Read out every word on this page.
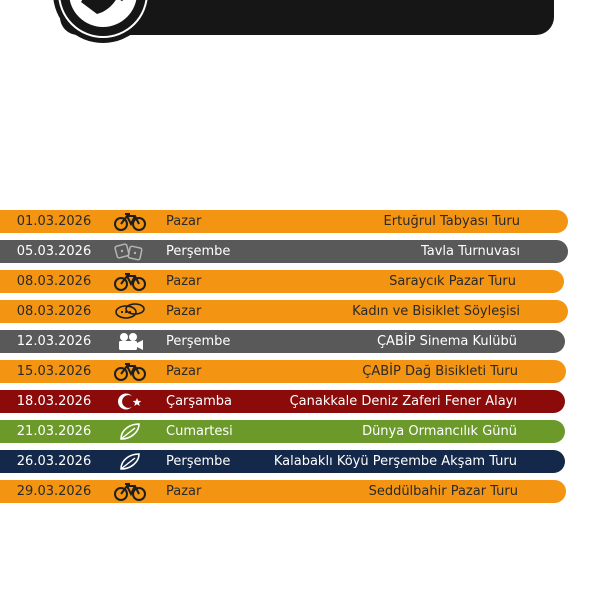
2016
01.03.2026	Pazar	Ertuğrul Tabyası Turu
05.03.2026	Perşembe	Tavla Turnuvası
08.03.2026	Pazar	Saraycık Pazar Turu
08.03.2026	Pazar	Kadın ve Bisiklet Söyleşisi
12.03.2026	Perşembe	ÇABİP Sinema Kulübü
15.03.2026	Pazar	ÇABİP Dağ Bisikleti Turu
18.03.2026	Çarşamba	Çanakkale Deniz Zaferi Fener Alayı
21.03.2026	Cumartesi	Dünya Ormancılık Günü
26.03.2026	Perşembe	Kalabaklı Köyü Perşembe Akşam Turu
29.03.2026	Pazar	Seddülbahir Pazar Turu
